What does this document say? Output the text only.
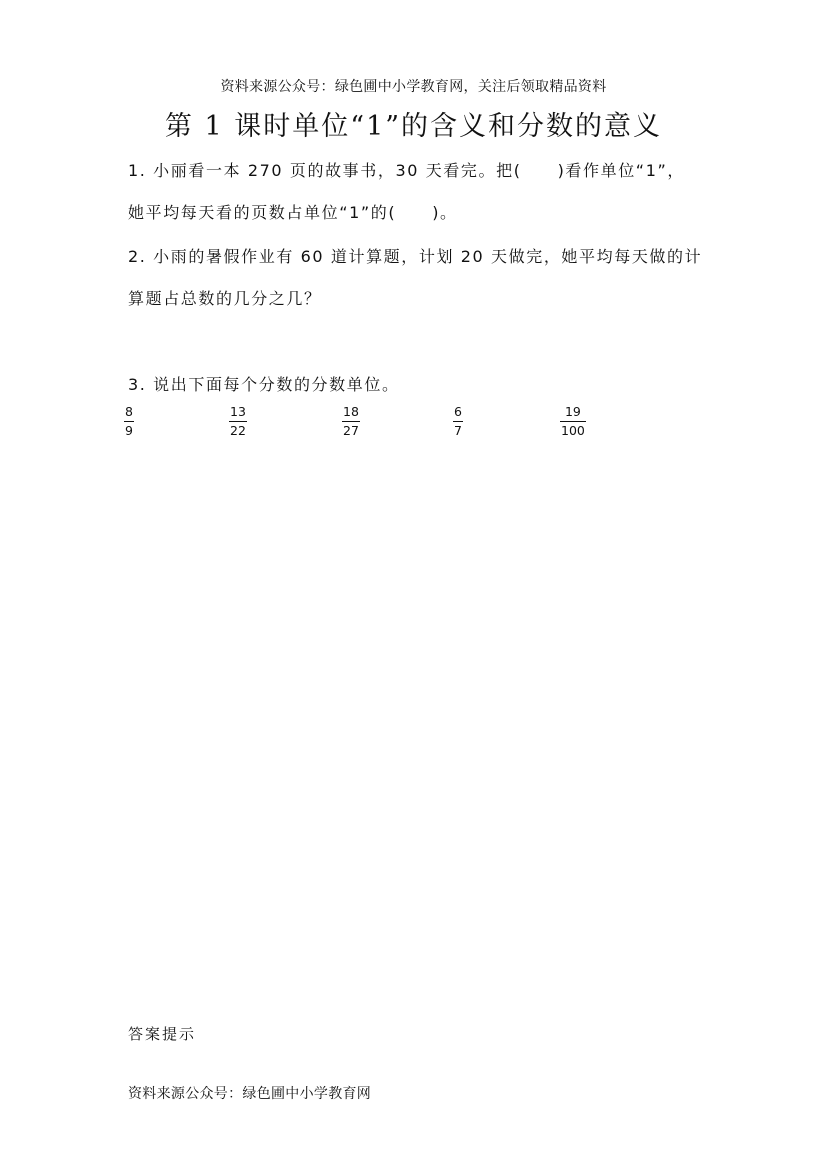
资料来源公众号：绿色圃中小学教育网，关注后领取精品资料
第 1 课时单位“1”的含义和分数的意义
1. 小丽看一本 270 页的故事书，30 天看完。把( )看作单位“1”，
她平均每天看的页数占单位“1”的( )。
2. 小雨的暑假作业有 60 道计算题，计划 20 天做完，她平均每天做的计
算题占总数的几分之几？
3. 说出下面每个分数的分数单位。
8
9
13
22
18
27
6
7
19
100
答案提示
资料来源公众号：绿色圃中小学教育网
